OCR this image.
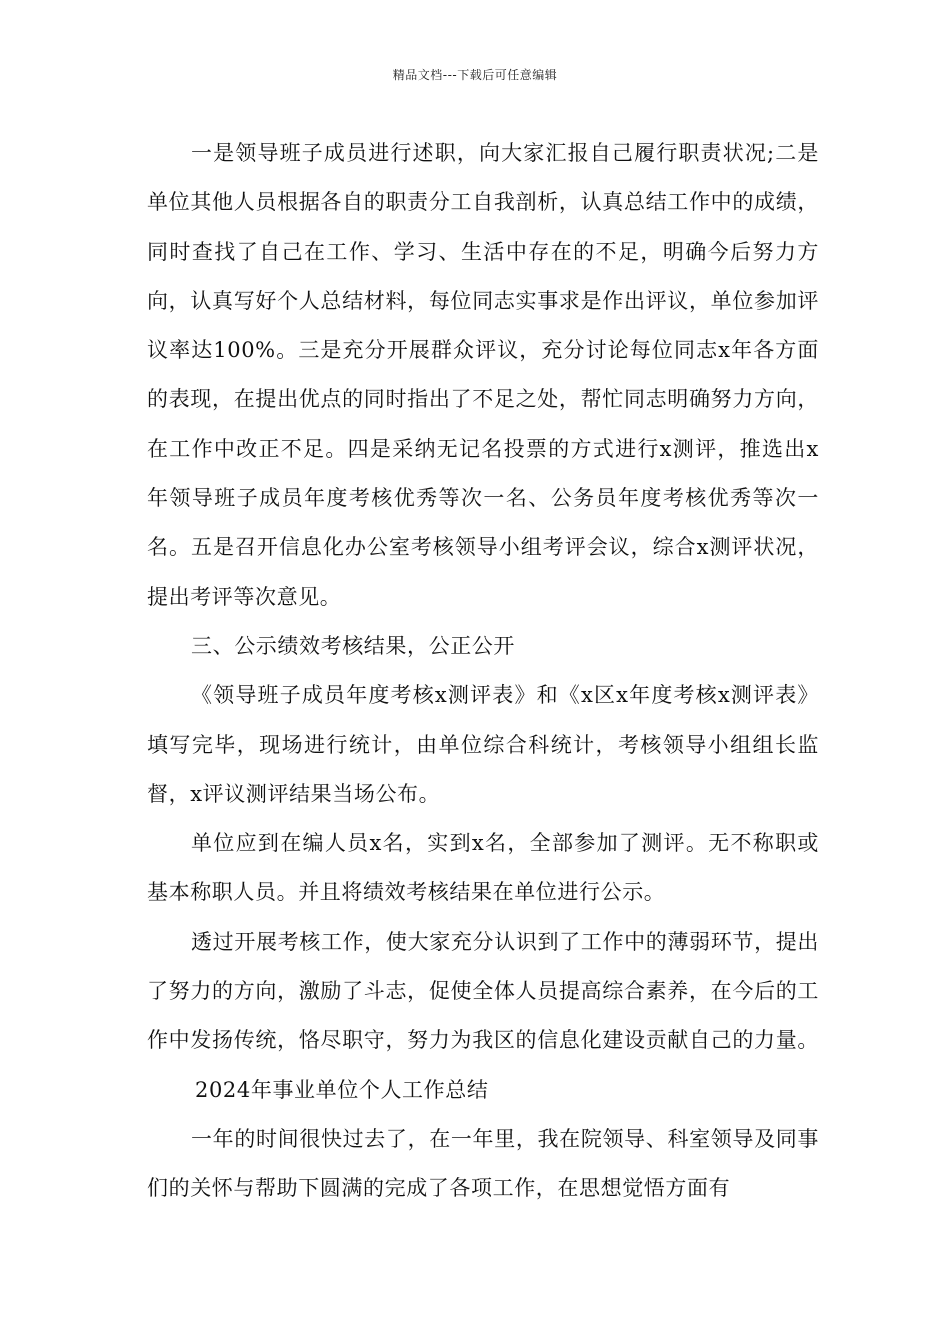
精品文档---下载后可任意编辑

一是领导班子成员进行述职，向大家汇报自己履行职责状况;二是单位其他人员根据各自的职责分工自我剖析，认真总结工作中的成绩，同时查找了自己在工作、学习、生活中存在的不足，明确今后努力方向，认真写好个人总结材料，每位同志实事求是作出评议，单位参加评议率达100%。三是充分开展群众评议，充分讨论每位同志x年各方面的表现，在提出优点的同时指出了不足之处，帮忙同志明确努力方向，在工作中改正不足。四是采纳无记名投票的方式进行x测评，推选出x年领导班子成员年度考核优秀等次一名、公务员年度考核优秀等次一名。五是召开信息化办公室考核领导小组考评会议，综合x测评状况，提出考评等次意见。

三、公示绩效考核结果，公正公开

《领导班子成员年度考核x测评表》和《x区x年度考核x测评表》填写完毕，现场进行统计，由单位综合科统计，考核领导小组组长监督，x评议测评结果当场公布。

单位应到在编人员x名，实到x名，全部参加了测评。无不称职或基本称职人员。并且将绩效考核结果在单位进行公示。

透过开展考核工作，使大家充分认识到了工作中的薄弱环节，提出了努力的方向，激励了斗志，促使全体人员提高综合素养，在今后的工作中发扬传统，恪尽职守，努力为我区的信息化建设贡献自己的力量。2024年事业单位个人工作总结

一年的时间很快过去了，在一年里，我在院领导、科室领导及同事们的关怀与帮助下圆满的完成了各项工作，在思想觉悟方面有
